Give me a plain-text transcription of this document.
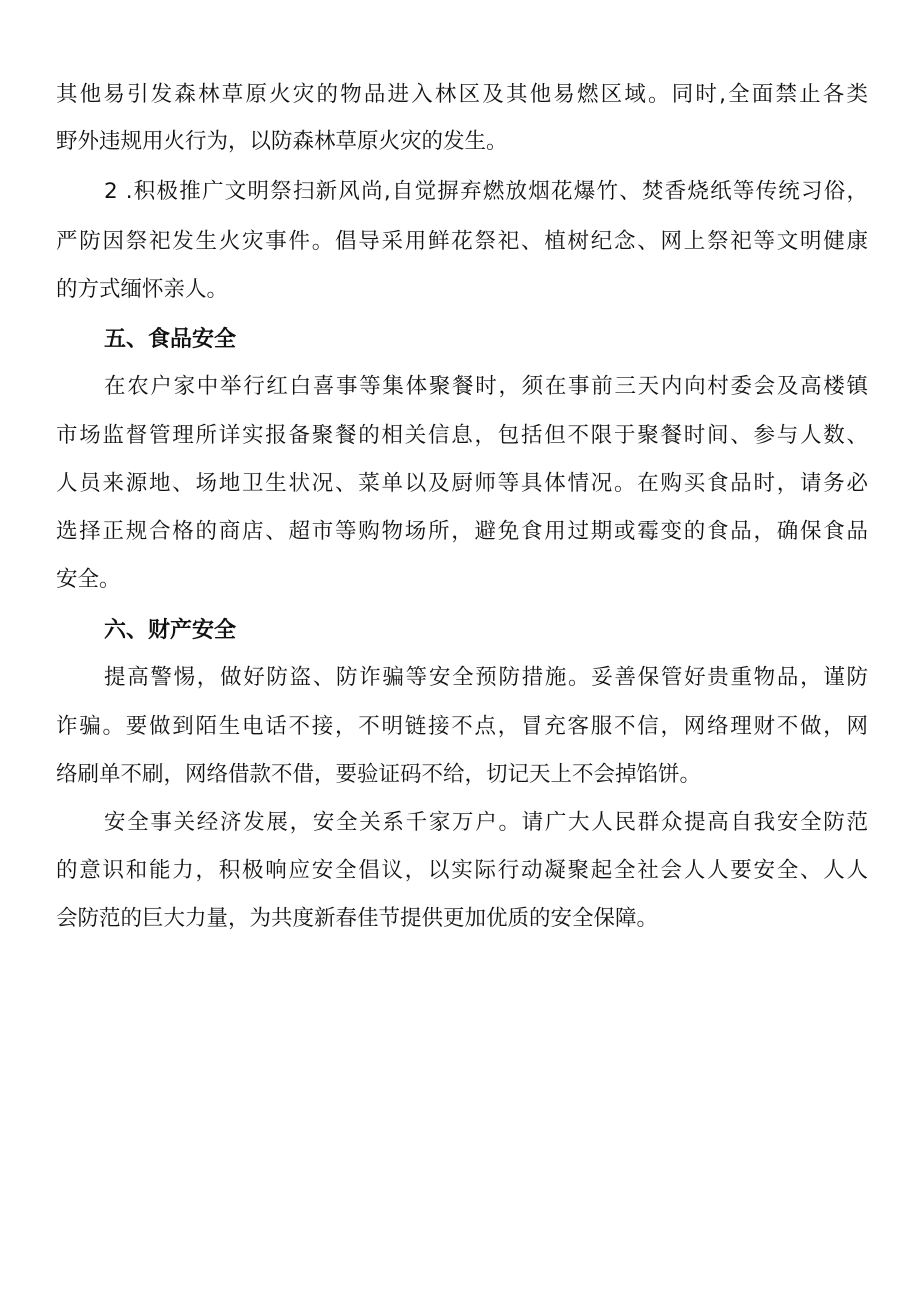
其他易引发森林草原火灾的物品进入林区及其他易燃区域。同时,全面禁止各类
野外违规用火行为，以防森林草原火灾的发生。
2 .积极推广文明祭扫新风尚,自觉摒弃燃放烟花爆竹、焚香烧纸等传统习俗，
严防因祭祀发生火灾事件。倡导采用鲜花祭祀、植树纪念、网上祭祀等文明健康
的方式缅怀亲人。
五、食品安全
在农户家中举行红白喜事等集体聚餐时，须在事前三天内向村委会及高楼镇
市场监督管理所详实报备聚餐的相关信息，包括但不限于聚餐时间、参与人数、
人员来源地、场地卫生状况、菜单以及厨师等具体情况。在购买食品时，请务必
选择正规合格的商店、超市等购物场所，避免食用过期或霉变的食品，确保食品
安全。
六、财产安全
提高警惕，做好防盗、防诈骗等安全预防措施。妥善保管好贵重物品，谨防
诈骗。要做到陌生电话不接，不明链接不点，冒充客服不信，网络理财不做，网
络刷单不刷，网络借款不借，要验证码不给，切记天上不会掉馅饼。
安全事关经济发展，安全关系千家万户。请广大人民群众提高自我安全防范
的意识和能力，积极响应安全倡议，以实际行动凝聚起全社会人人要安全、人人
会防范的巨大力量，为共度新春佳节提供更加优质的安全保障。
